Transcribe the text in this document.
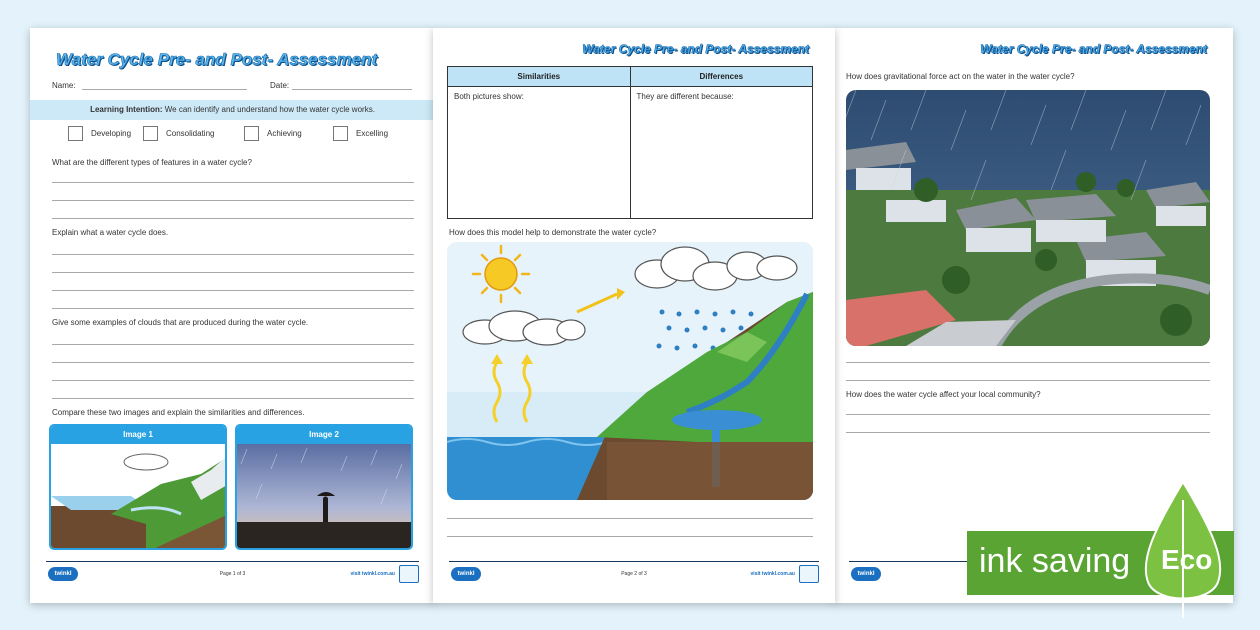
Water Cycle Pre- and Post- Assessment
Name:	Date:
Learning Intention: We can identify and understand how the water cycle works.
Developing	Consolidating	Achieving	Excelling
What are the different types of features in a water cycle?
Explain what a water cycle does.
Give some examples of clouds that are produced during the water cycle.
Compare these two images and explain the similarities and differences.
Image 1	Image 2
twinkl	Page 1 of 3	visit twinkl.com.au
Water Cycle Pre- and Post- Assessment
Similarities	Differences
Both pictures show:	They are different because:
How does this model help to demonstrate the water cycle?
twinkl	Page 2 of 3	visit twinkl.com.au
Water Cycle Pre- and Post- Assessment
How does gravitational force act on the water in the water cycle?
How does the water cycle affect your local community?
twinkl	ink saving Eco
